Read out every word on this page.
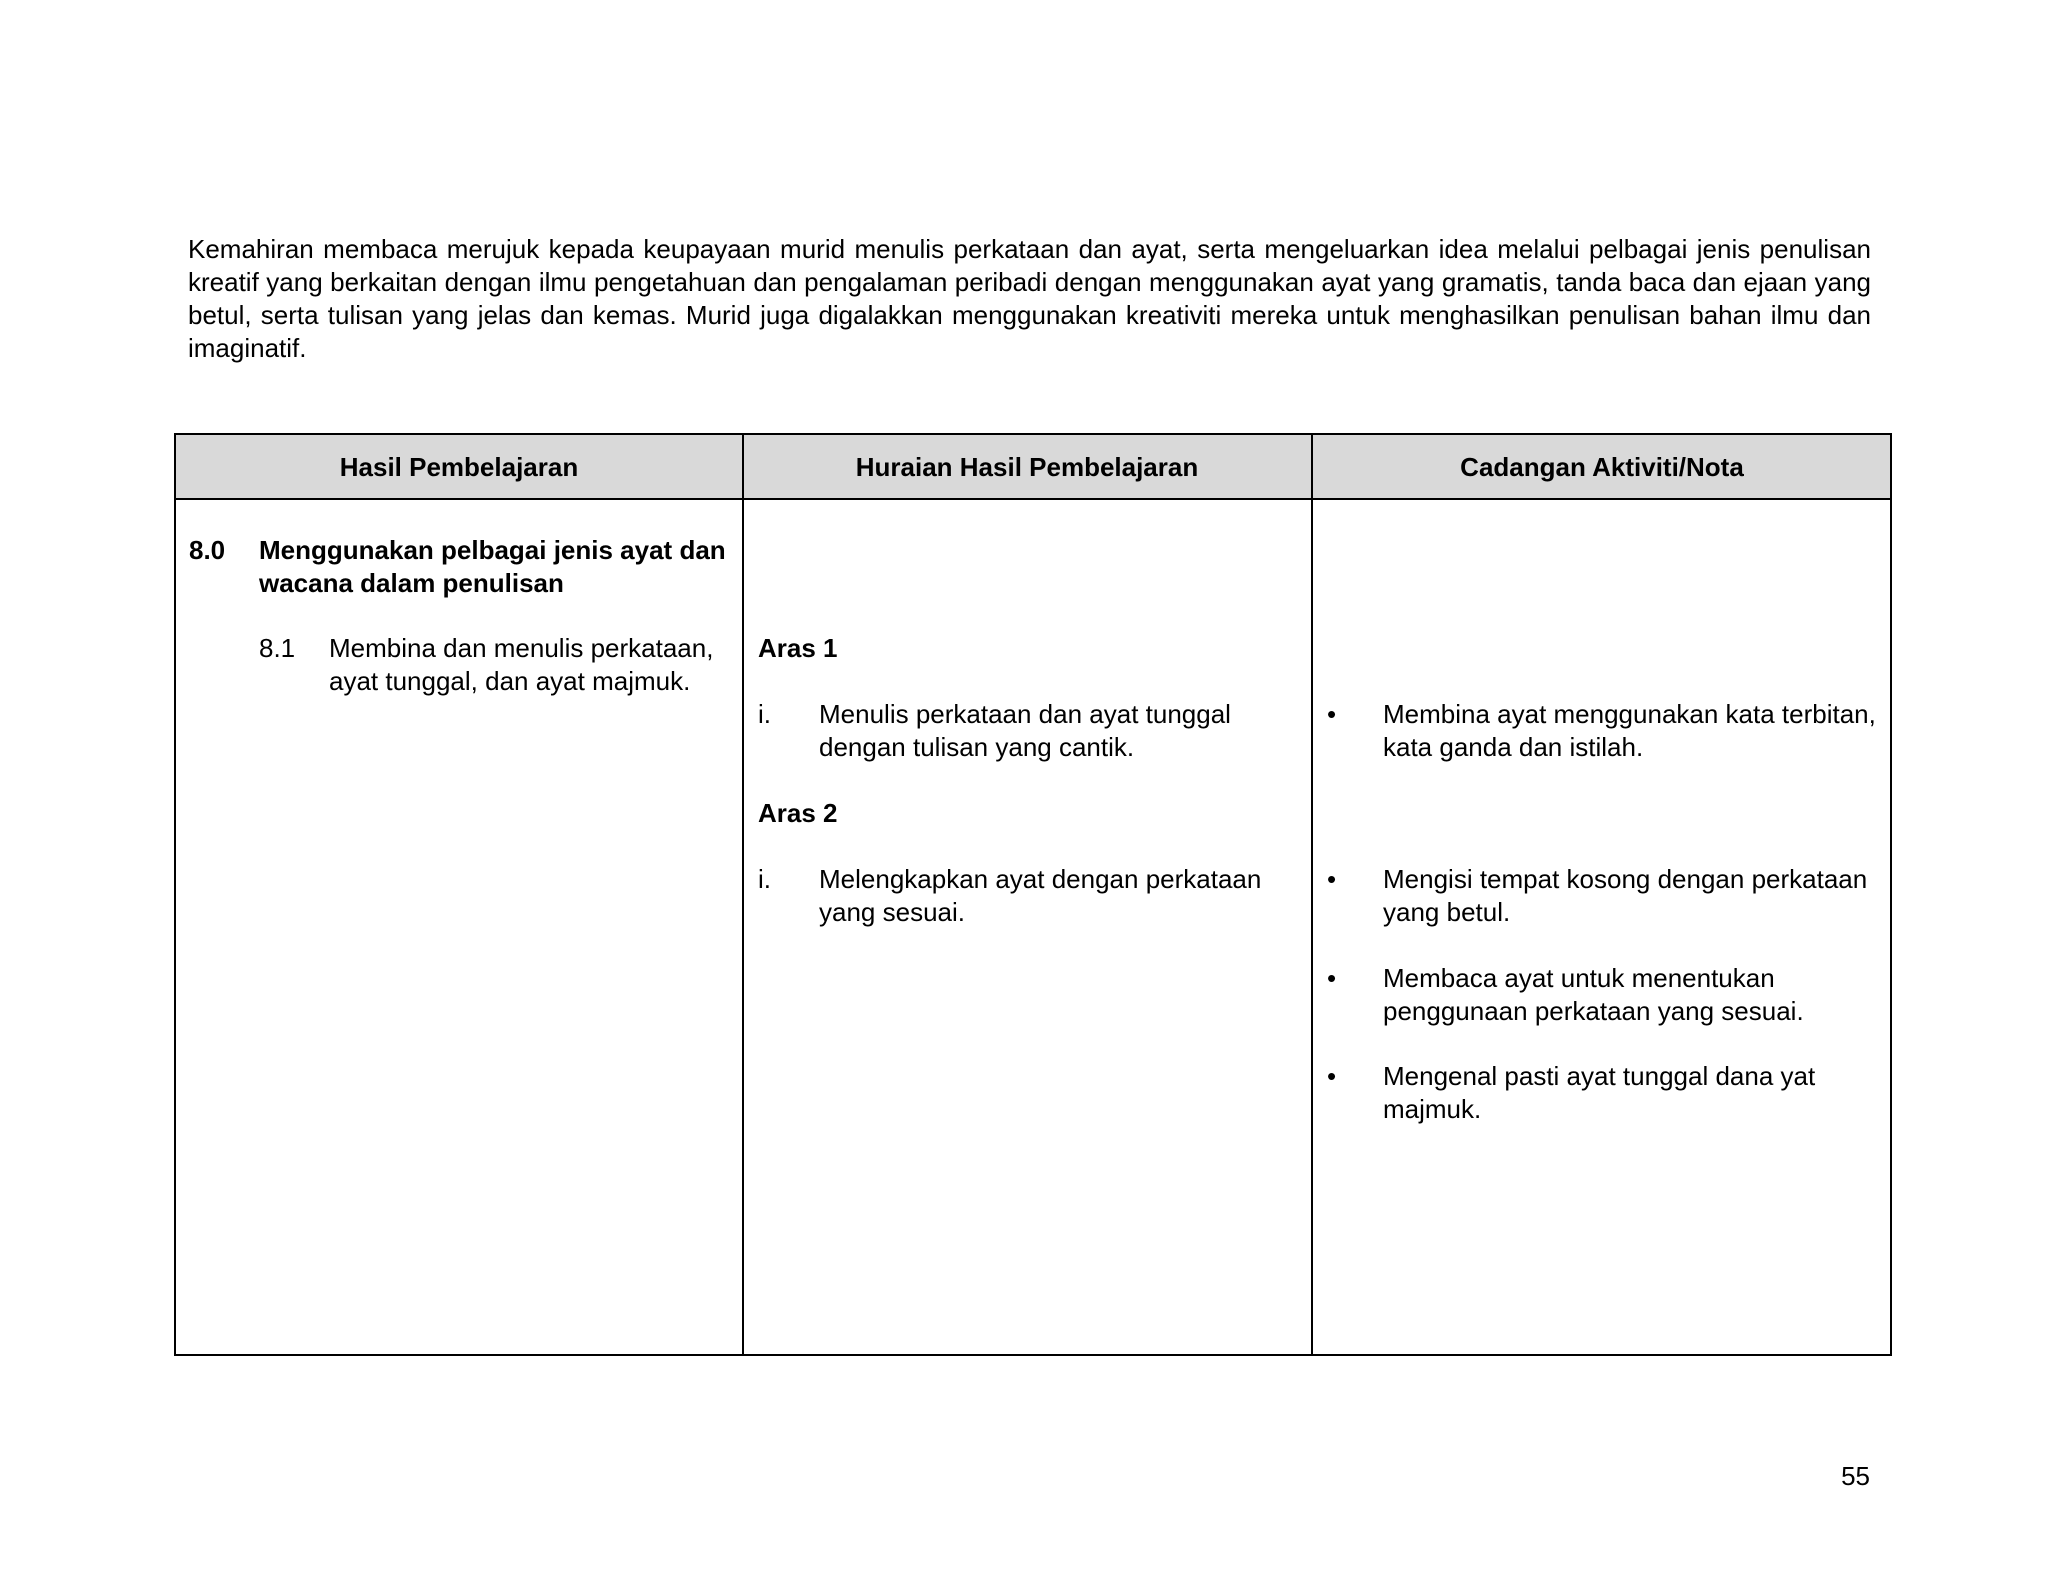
Kemahiran membaca merujuk kepada keupayaan murid menulis perkataan dan ayat, serta mengeluarkan idea melalui pelbagai jenis penulisan kreatif yang berkaitan dengan ilmu pengetahuan dan pengalaman peribadi dengan menggunakan ayat yang gramatis, tanda baca dan ejaan yang betul, serta tulisan yang jelas dan kemas. Murid juga digalakkan menggunakan kreativiti mereka untuk menghasilkan penulisan bahan ilmu dan imaginatif.

Hasil Pembelajaran	Huraian Hasil Pembelajaran	Cadangan Aktiviti/Nota
8.0 Menggunakan pelbagai jenis ayat dan wacana dalam penulisan
8.1 Membina dan menulis perkataan, ayat tunggal, dan ayat majmuk.
Aras 1
i. Menulis perkataan dan ayat tunggal dengan tulisan yang cantik.
Aras 2
i. Melengkapkan ayat dengan perkataan yang sesuai.
• Membina ayat menggunakan kata terbitan, kata ganda dan istilah.
• Mengisi tempat kosong dengan perkataan yang betul.
• Membaca ayat untuk menentukan penggunaan perkataan yang sesuai.
• Mengenal pasti ayat tunggal dana yat majmuk.
55
